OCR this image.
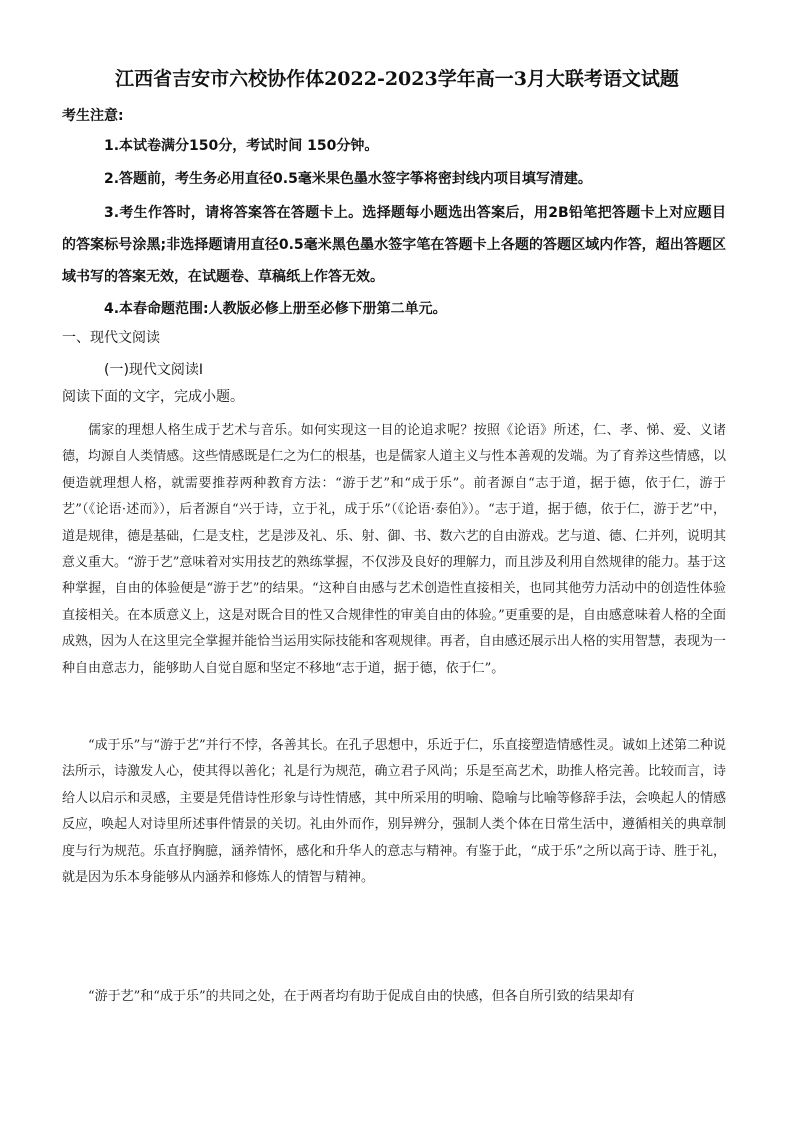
江西省吉安市六校协作体2022-2023学年高一3月大联考语文试题
考生注意:
1.本试卷满分150分，考试时间 150分钟。
2.答题前，考生务必用直径0.5毫米果色墨水签字筝将密封线内项目填写清建。
3.考生作答时，请将答案答在答题卡上。选择题每小题选出答案后，用2B铅笔把答题卡上对应题目的答案标号涂黑;非选择题请用直径0.5毫米黑色墨水签字笔在答题卡上各题的答题区域内作答，超出答题区域书写的答案无效，在试题卷、草稿纸上作答无效。
4.本春命题范围:人教版必修上册至必修下册第二单元。
一、现代文阅读
(一)现代文阅读Ⅰ
阅读下面的文字，完成小题。
儒家的理想人格生成于艺术与音乐。如何实现这一目的论追求呢？按照《论语》所述，仁、孝、悌、爱、义诸德，均源自人类情感。这些情感既是仁之为仁的根基，也是儒家人道主义与性本善观的发端。为了育养这些情感，以便造就理想人格，就需要推荐两种教育方法：“游于艺”和“成于乐”。前者源自“志于道，据于德，依于仁，游于艺”（《论语·述而》），后者源自“兴于诗，立于礼，成于乐”（《论语·泰伯》）。“志于道，据于德，依于仁，游于艺”中，道是规律，德是基础，仁是支柱，艺是涉及礼、乐、射、御、书、数六艺的自由游戏。艺与道、德、仁并列，说明其意义重大。“游于艺”意味着对实用技艺的熟练掌握，不仅涉及良好的理解力，而且涉及利用自然规律的能力。基于这种掌握，自由的体验便是“游于艺”的结果。“这种自由感与艺术创造性直接相关，也同其他劳力活动中的创造性体验直接相关。在本质意义上，这是对既合目的性又合规律性的审美自由的体验。”更重要的是，自由感意味着人格的全面成熟，因为人在这里完全掌握并能恰当运用实际技能和客观规律。再者，自由感还展示出人格的实用智慧，表现为一种自由意志力，能够助人自觉自愿和坚定不移地“志于道，据于德，依于仁”。
“成于乐”与“游于艺”并行不悖，各善其长。在孔子思想中，乐近于仁，乐直接塑造情感性灵。诚如上述第二种说法所示，诗激发人心，使其得以善化；礼是行为规范，确立君子风尚；乐是至高艺术，助推人格完善。比较而言，诗给人以启示和灵感，主要是凭借诗性形象与诗性情感，其中所采用的明喻、隐喻与比喻等修辞手法，会唤起人的情感反应，唤起人对诗里所述事件情景的关切。礼由外而作，别异辨分，强制人类个体在日常生活中，遵循相关的典章制度与行为规范。乐直抒胸臆，涵养情怀，感化和升华人的意志与精神。有鉴于此，“成于乐”之所以高于诗、胜于礼，就是因为乐本身能够从内涵养和修炼人的情智与精神。
“游于艺”和“成于乐”的共同之处，在于两者均有助于促成自由的快感，但各自所引致的结果却有
